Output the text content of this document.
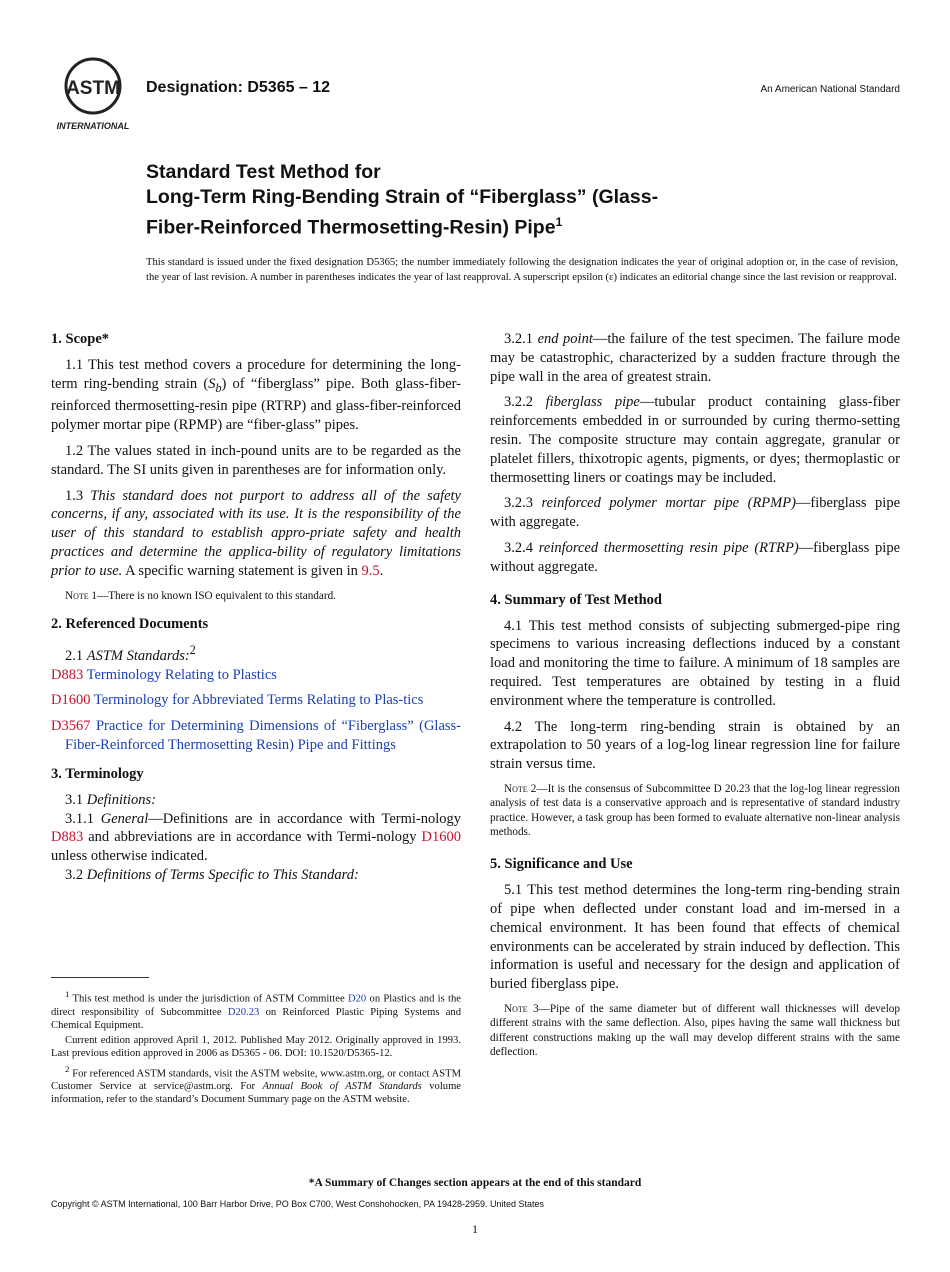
ASTM
INTERNATIONAL
Designation: D5365 – 12	An American National Standard
Standard Test Method for
Long-Term Ring-Bending Strain of “Fiberglass” (Glass-
Fiber-Reinforced Thermosetting-Resin) Pipe$^1$
This standard is issued under the fixed designation D5365; the number immediately following the designation indicates the year of original adoption or, in the case of revision, the year of last revision. A number in parentheses indicates the year of last reapproval. A superscript epsilon (ε) indicates an editorial change since the last revision or reapproval.
1. Scope*

1.1 This test method covers a procedure for determining the long-term ring-bending strain $(S_b)$ of “fiberglass” pipe. Both glass-fiber-reinforced thermosetting-resin pipe (RTRP) and glass-fiber-reinforced polymer mortar pipe (RPMP) are “fiber-glass” pipes.

1.2 The values stated in inch-pound units are to be regarded as the standard. The SI units given in parentheses are for information only.

1.3 This standard does not purport to address all of the safety concerns, if any, associated with its use. It is the responsibility of the user of this standard to establish appro-priate safety and health practices and determine the applica-bility of regulatory limitations prior to use. A specific warning statement is given in 9.5.

Note 1—There is no known ISO equivalent to this standard.
2. Referenced Documents

2.1 ASTM Standards:$^2$

D883 Terminology Relating to Plastics

D1600 Terminology for Abbreviated Terms Relating to Plas-tics

D3567 Practice for Determining Dimensions of “Fiberglass” (Glass-Fiber-Reinforced Thermosetting Resin) Pipe and Fittings

3. Terminology

3.1 Definitions:

3.1.1 General—Definitions are in accordance with Termi-nology D883 and abbreviations are in accordance with Termi-nology D1600 unless otherwise indicated.

3.2 Definitions of Terms Specific to This Standard:

$^1$ This test method is under the jurisdiction of ASTM Committee D20 on Plastics and is the direct responsibility of Subcommittee D20.23 on Reinforced Plastic Piping Systems and Chemical Equipment.

Current edition approved April 1, 2012. Published May 2012. Originally approved in 1993. Last previous edition approved in 2006 as D5365 - 06. DOI: 10.1520/D5365-12.

$^2$ For referenced ASTM standards, visit the ASTM website, www.astm.org, or contact ASTM Customer Service at service@astm.org. For Annual Book of ASTM Standards volume information, refer to the standard’s Document Summary page on the ASTM website.

3.2.1 end point—the failure of the test specimen. The failure mode may be catastrophic, characterized by a sudden fracture through the pipe wall in the area of greatest strain.

3.2.2 fiberglass pipe—tubular product containing glass-fiber reinforcements embedded in or surrounded by curing thermo-setting resin. The composite structure may contain aggregate, granular or platelet fillers, thixotropic agents, pigments, or dyes; thermoplastic or thermosetting liners or coatings may be included.

3.2.3 reinforced polymer mortar pipe (RPMP)—fiberglass pipe with aggregate.

3.2.4 reinforced thermosetting resin pipe (RTRP)—fiberglass pipe without aggregate.

4. Summary of Test Method

4.1 This test method consists of subjecting submerged-pipe ring specimens to various increasing deflections induced by a constant load and monitoring the time to failure. A minimum of 18 samples are required. Test temperatures are obtained by testing in a fluid environment where the temperature is controlled.

4.2 The long-term ring-bending strain is obtained by an extrapolation to 50 years of a log-log linear regression line for failure strain versus time.

Note 2—It is the consensus of Subcommittee D 20.23 that the log-log linear regression analysis of test data is a conservative approach and is representative of standard industry practice. However, a task group has been formed to evaluate alternative non-linear analysis methods.
5. Significance and Use

5.1 This test method determines the long-term ring-bending strain of pipe when deflected under constant load and im-mersed in a chemical environment. It has been found that effects of chemical environments can be accelerated by strain induced by deflection. This information is useful and necessary for the design and application of buried fiberglass pipe.

Note 3—Pipe of the same diameter but of different wall thicknesses will develop different strains with the same deflection. Also, pipes having the same wall thickness but different constructions making up the wall may develop different strains with the same deflection.
*A Summary of Changes section appears at the end of this standard
Copyright © ASTM International, 100 Barr Harbor Drive, PO Box C700, West Conshohocken, PA 19428-2959. United States
1
